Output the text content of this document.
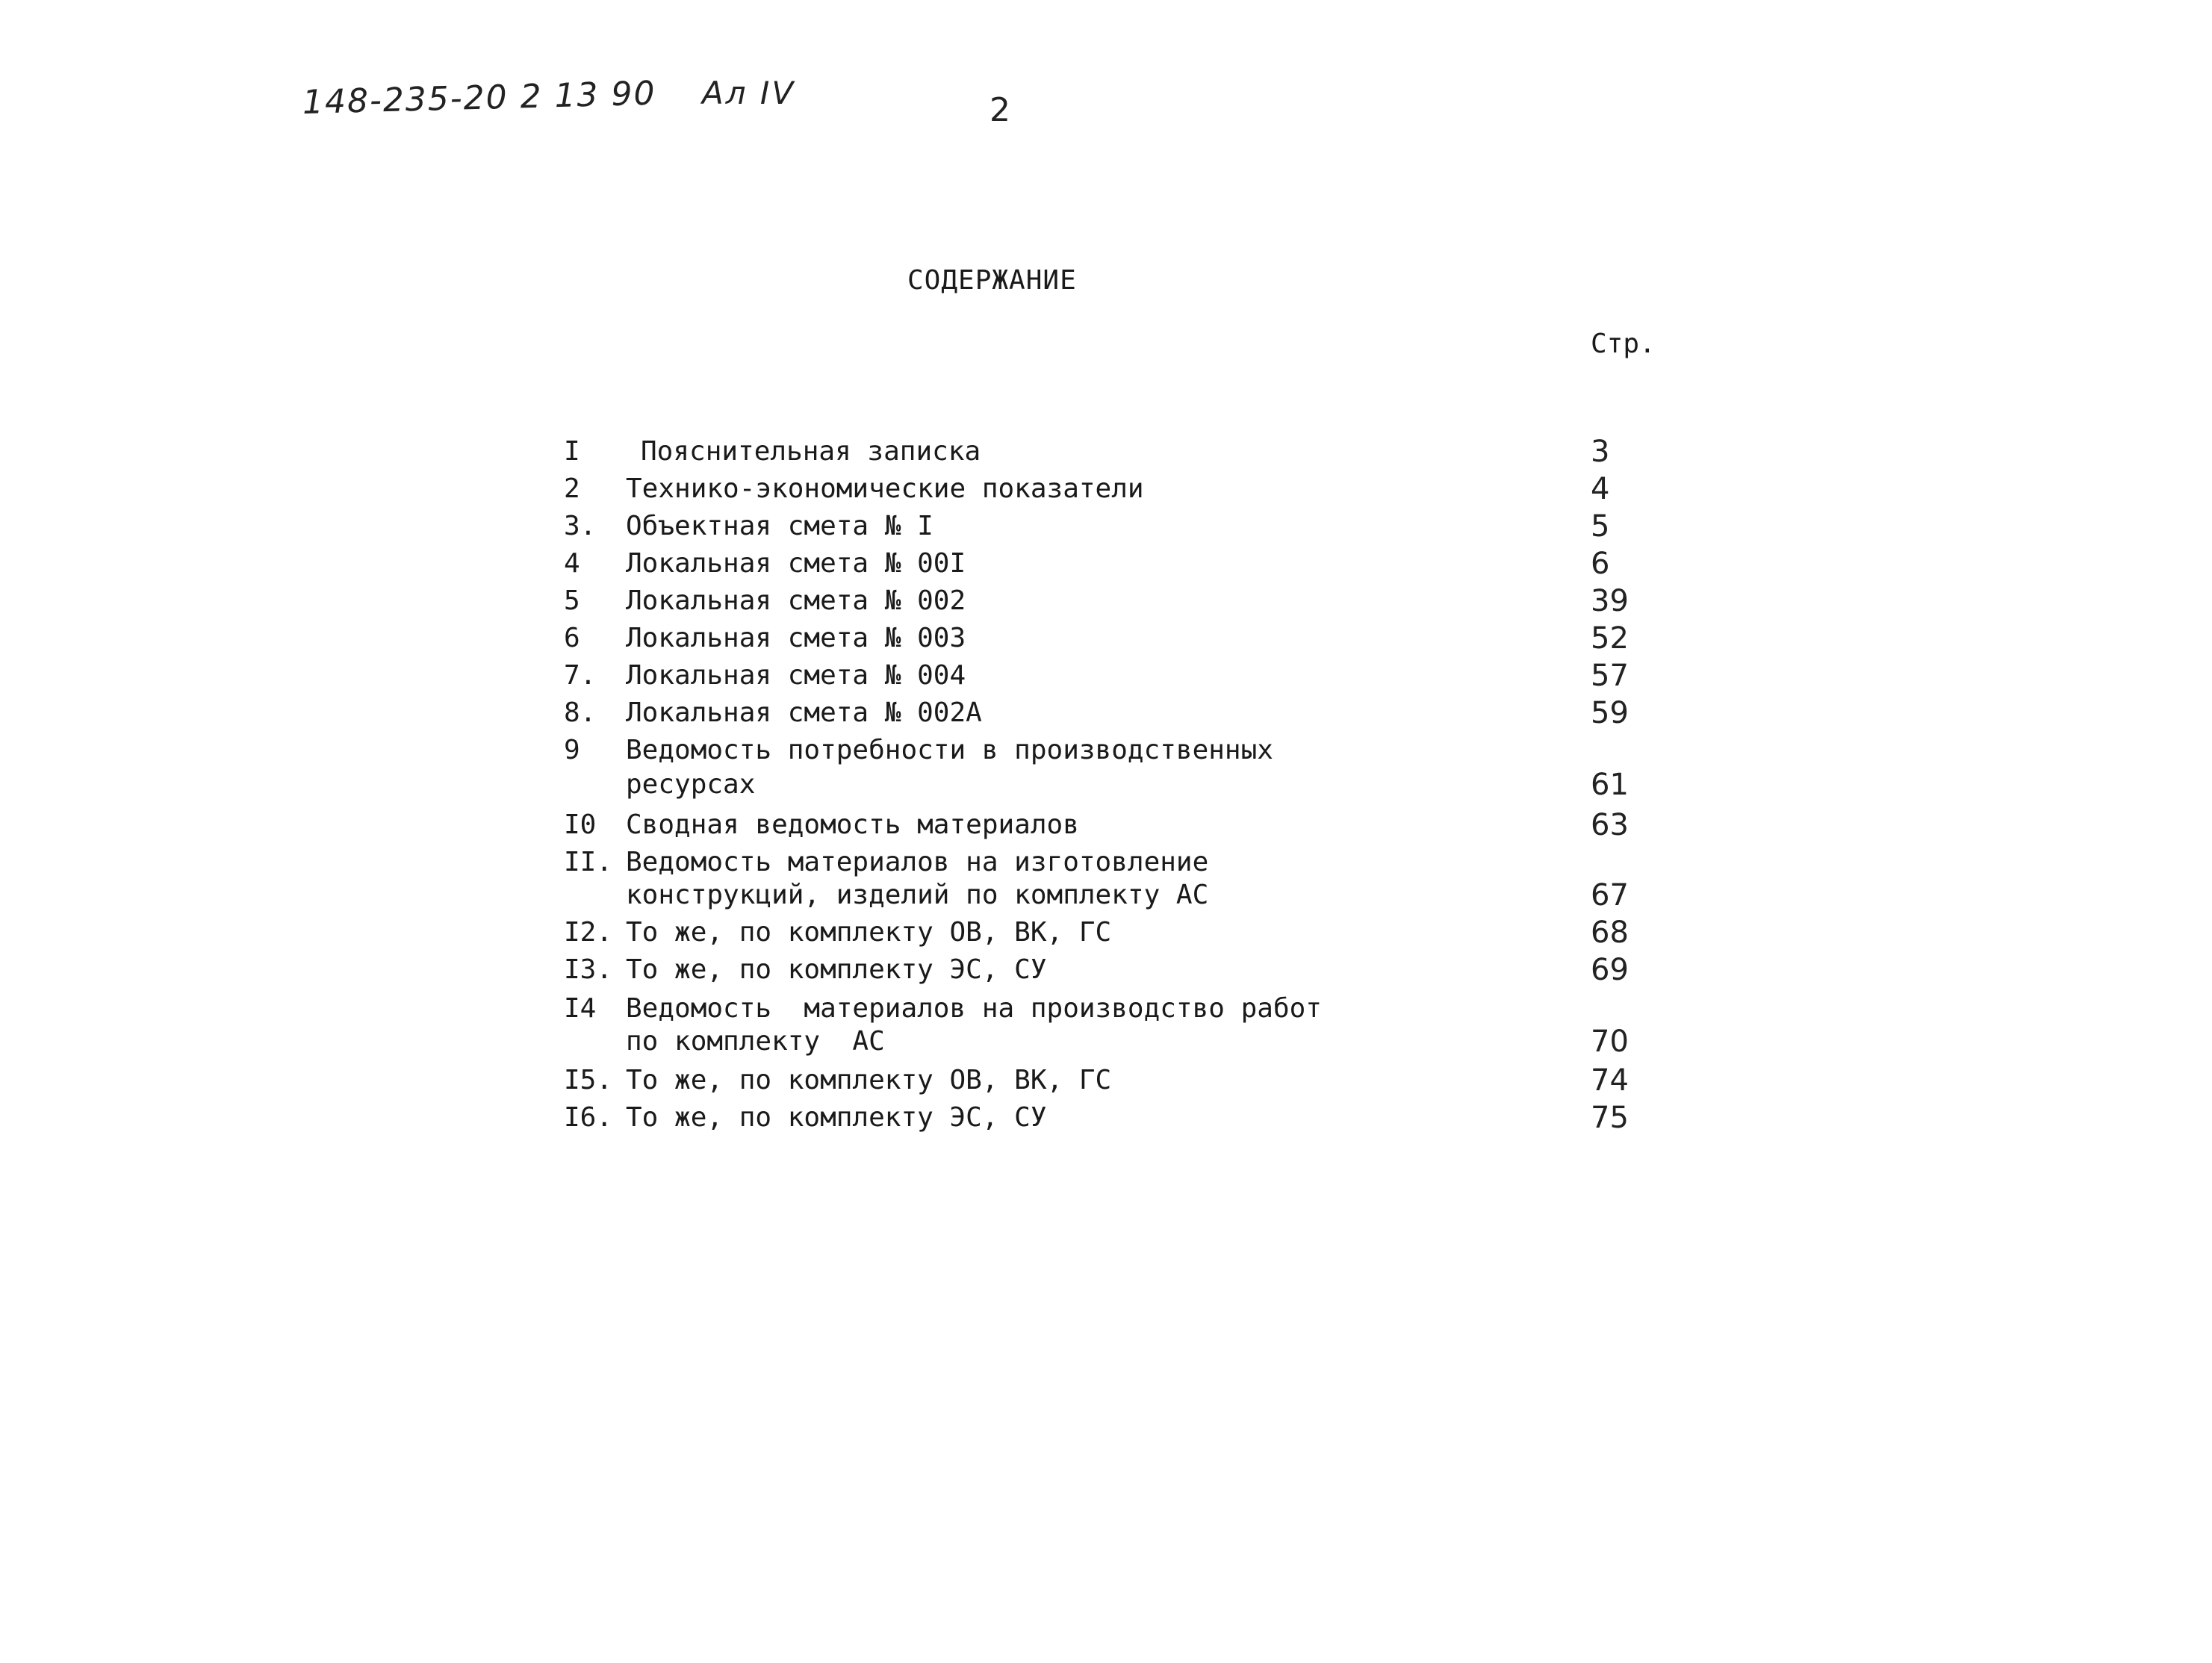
148-235-20 2 13 90 Ал IV	2
СОДЕРЖАНИЕ
Стр.
I	Пояснительная записка	3
2	Технико-экономические показатели	4
3.	Объектная смета № I	5
4	Локальная смета № 00I	6
5	Локальная смета № 002	39
6	Локальная смета № 003	52
7.	Локальная смета № 004	57
8.	Локальная смета № 002А	59
9	Ведомость потребности в производственных
ресурсах	61
I0	Сводная ведомость материалов	63
II. Ведомость материалов на изготовление
конструкций, изделий по комплекту АС	67
I2. То же, по комплекту ОВ, ВК, ГС	68
I3. То же, по комплекту ЭС, СУ	69
I4	Ведомость  материалов на производство работ
по комплекту  АС	70
I5. То же, по комплекту ОВ, ВК, ГС	74
I6. То же, по комплекту ЭС, СУ	75
